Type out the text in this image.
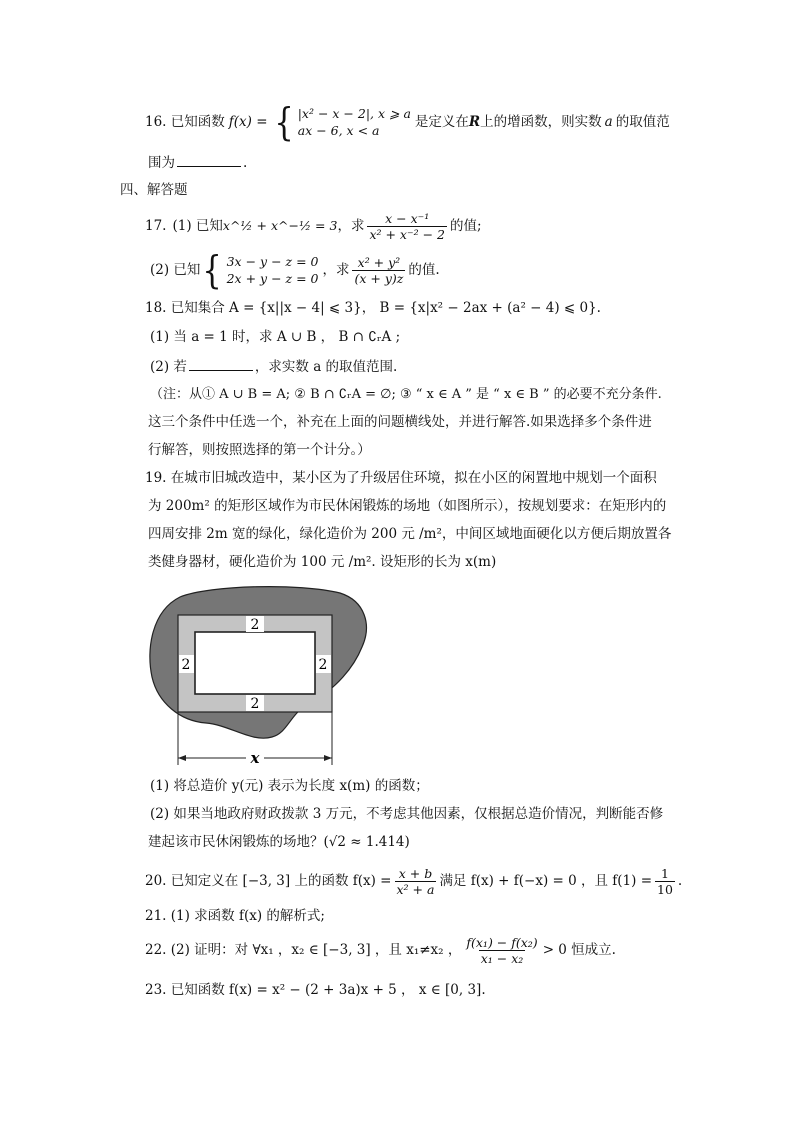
16.
已知函数 f(x) = { |x² − x − 2|, x ⩾ a
ax − 6, x < a
是定义在 R 上的增函数，则实数 a 的取值范
围为	.
四、解答题
17. (1) 已知 x^½ + x^−½ = 3 ，求 $\frac{\text{x − x⁻¹}}{\text{x² + x⁻² − 2}}$ 的值;
(2) 已知 { 3x − y − z = 0
2x + y − z = 0
，求 $\frac{\text{x² + y²}}{(x + y)z}$ 的值.
18. 已知集合 A = {x||x − 4| ⩽ 3}， B = {x|x² − 2ax + (a² − 4) ⩽ 0}.
(1) 当 a = 1 时，求 A ∪ B ， B ∩ ∁ᵣA ;
(2) 若	，求实数 a 的取值范围.
（注：从① A ∪ B = A; ② B ∩ ∁ᵣA = ∅; ③ “ x ∈ A ” 是 “ x ∈ B ” 的必要不充分条件.
这三个条件中任选一个，补充在上面的问题横线处，并进行解答.如果选择多个条件进
行解答，则按照选择的第一个计分。）
19. 在城市旧城改造中，某小区为了升级居住环境，拟在小区的闲置地中规划一个面积
为 200m² 的矩形区域作为市民休闲锻炼的场地（如图所示），按规划要求：在矩形内的
四周安排 2m 宽的绿化，绿化造价为 200 元 /m²，中间区域地面硬化以方便后期放置各
类健身器材，硬化造价为 100 元 /m². 设矩形的长为 x(m)
2
2
2	2
x
(1) 将总造价 y(元) 表示为长度 x(m) 的函数；
(2) 如果当地政府财政拨款 3 万元，不考虑其他因素，仅根据总造价情况，判断能否修
建起该市民休闲锻炼的场地？(√2 ≈ 1.414)
20. 已知定义在 [−3, 3] 上的函数 $f(x) = \frac{x + b}{\text{x² + a}}$ 满足 f(x) + f(−x) = 0 ，且 $f(1) = \frac{1}{10}$ .
21. (1) 求函数 f(x) 的解析式;
22. (2) 证明：对 ∀x₁ ，x₂ ∈ [−3, 3] ，且 x₁≠x₂ ， $\frac{\text{f(x₁) − f(x₂)}}{\text{x₁ − x₂}} > 0$ 恒成立.
23. 已知函数 f(x) = x² − (2 + 3a)x + 5 ， x ∈ [0, 3].
